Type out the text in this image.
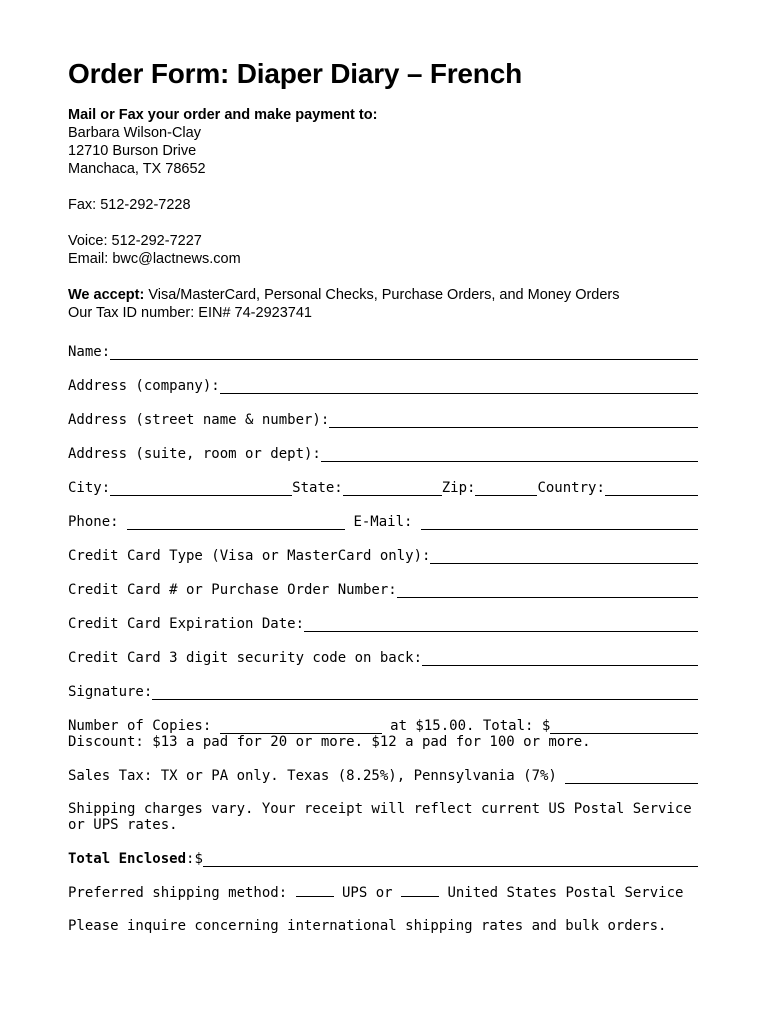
Order Form: Diaper Diary – French
Mail or Fax your order and make payment to:
Barbara Wilson-Clay
12710 Burson Drive
Manchaca, TX 78652
Fax: 512-292-7228
Voice: 512-292-7227
Email: bwc@lactnews.com
We accept: Visa/MasterCard, Personal Checks, Purchase Orders, and Money Orders
Our Tax ID number: EIN# 74-2923741
Name:
Address (company):
Address (street name & number):
Address (suite, room or dept):
City:	State:	Zip:	Country:
Phone:	E-Mail:
Credit Card Type (Visa or MasterCard only):
Credit Card # or Purchase Order Number:
Credit Card Expiration Date:
Credit Card 3 digit security code on back:
Signature:
Number of Copies:	at $15.00. Total: $
Discount: $13 a pad for 20 or more. $12 a pad for 100 or more.
Sales Tax: TX or PA only. Texas (8.25%), Pennsylvania (7%)
Shipping charges vary. Your receipt will reflect current US Postal Service or UPS rates.
Total Enclosed :$
Preferred shipping method:	UPS or	United States Postal Service
Please inquire concerning international shipping rates and bulk orders.
